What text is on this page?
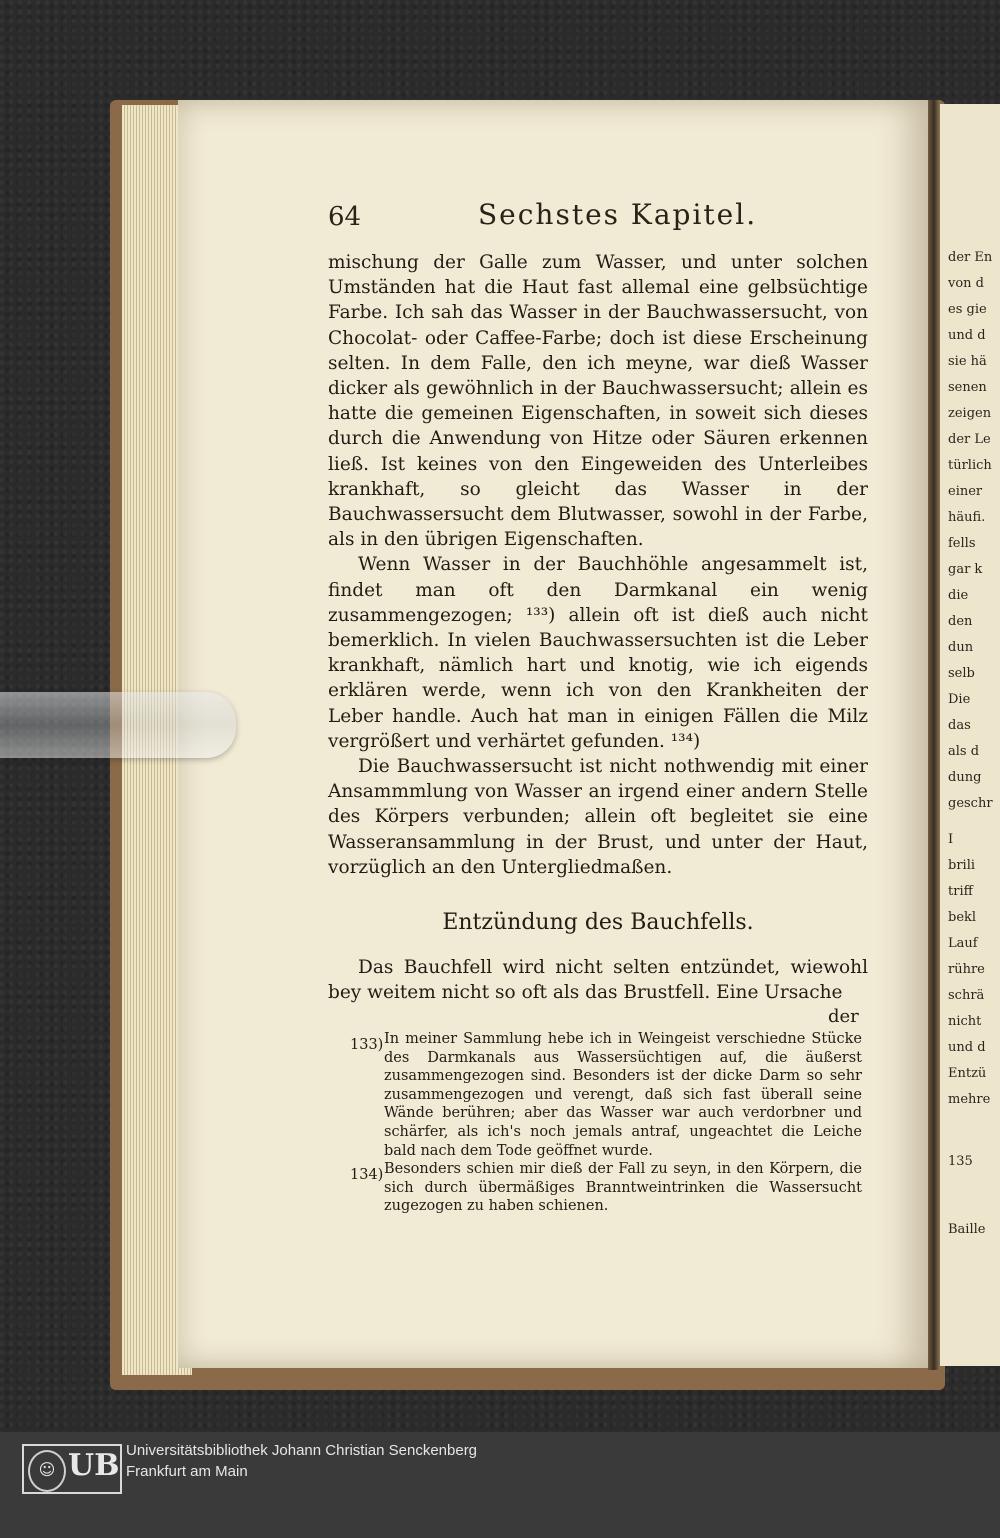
der En
von d
es gie
und d
sie hä
senen
zeigen
der Le
türlich
einer
häufi.
fells
gar k
die
den
dun
selb
Die
das
als d
dung
geschr
I
brili
triff
bekl
Lauf
rühre
schrä
nicht
und d
Entzü
mehre
135
Baille
64	Sechstes Kapitel.

mischung der Galle zum Wasser, und unter solchen Umständen hat die Haut fast allemal eine gelbsüchtige Farbe. Ich sah das Wasser in der Bauchwassersucht, von Chocolat- oder Caffee-Farbe; doch ist diese Erscheinung selten. In dem Falle, den ich meyne, war dieß Wasser dicker als gewöhnlich in der Bauchwassersucht; allein es hatte die gemeinen Eigenschaften, in soweit sich dieses durch die Anwendung von Hitze oder Säuren erkennen ließ. Ist keines von den Eingeweiden des Unterleibes krankhaft, so gleicht das Wasser in der Bauchwassersucht dem Blutwasser, sowohl in der Farbe, als in den übrigen Eigenschaften.

Wenn Wasser in der Bauchhöhle angesammelt ist, findet man oft den Darmkanal ein wenig zusammengezogen; ¹³³) allein oft ist dieß auch nicht bemerklich. In vielen Bauchwassersuchten ist die Leber krankhaft, nämlich hart und knotig, wie ich eigends erklären werde, wenn ich von den Krankheiten der Leber handle. Auch hat man in einigen Fällen die Milz vergrößert und verhärtet gefunden. ¹³⁴)

Die Bauchwassersucht ist nicht nothwendig mit einer Ansammmlung von Wasser an irgend einer andern Stelle des Körpers verbunden; allein oft begleitet sie eine Wasseransammlung in der Brust, und unter der Haut, vorzüglich an den Untergliedmaßen.

Entzündung des Bauchfells.
Das Bauchfell wird nicht selten entzündet, wiewohl bey weitem nicht so oft als das Brustfell. Eine Ursache
der
133) In meiner Sammlung hebe ich in Weingeist verschiedne Stücke des Darmkanals aus Wassersüchtigen auf, die äußerst zusammengezogen sind. Besonders ist der dicke Darm so sehr zusammengezogen und verengt, daß sich fast überall seine Wände berühren; aber das Wasser war auch verdorbner und schärfer, als ich's noch jemals antraf, ungeachtet die Leiche bald nach dem Tode geöffnet wurde.
134) Besonders schien mir dieß der Fall zu seyn, in den Körpern, die sich durch übermäßiges Branntweintrinken die Wassersucht zugezogen zu haben schienen.
☺ UB Universitätsbibliothek Johann Christian Senckenberg
Frankfurt am Main
